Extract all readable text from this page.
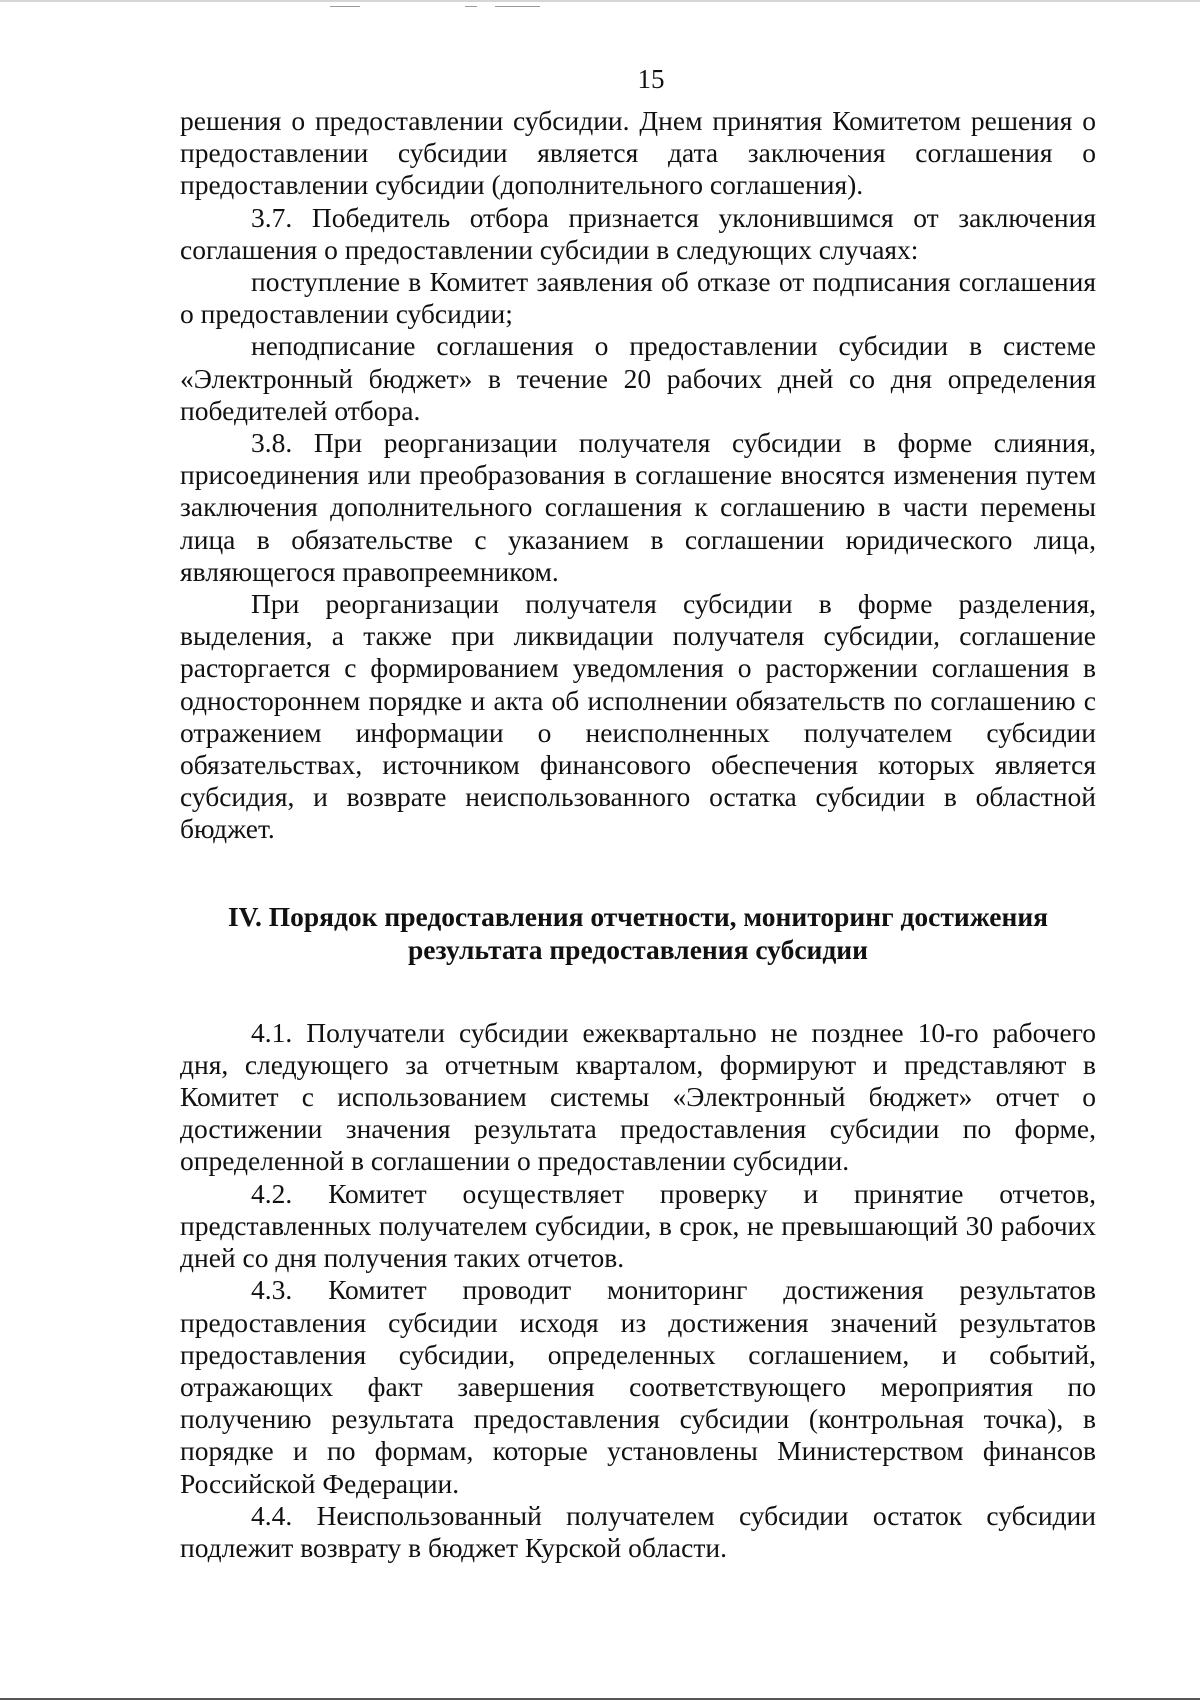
15

решения о предоставлении субсидии. Днем принятия Комитетом решения о предоставлении субсидии является дата заключения соглашения о предоставлении субсидии (дополнительного соглашения).

3.7. Победитель отбора признается уклонившимся от заключения соглашения о предоставлении субсидии в следующих случаях:

поступление в Комитет заявления об отказе от подписания соглашения о предоставлении субсидии;

неподписание соглашения о предоставлении субсидии в системе «Электронный бюджет» в течение 20 рабочих дней со дня определения победителей отбора.

3.8. При реорганизации получателя субсидии в форме слияния, присоединения или преобразования в соглашение вносятся изменения путем заключения дополнительного соглашения к соглашению в части перемены лица в обязательстве с указанием в соглашении юридического лица, являющегося правопреемником.

При реорганизации получателя субсидии в форме разделения, выделения, а также при ликвидации получателя субсидии, соглашение расторгается с формированием уведомления о расторжении соглашения в одностороннем порядке и акта об исполнении обязательств по соглашению с отражением информации о неисполненных получателем субсидии обязательствах, источником финансового обеспечения которых является субсидия, и возврате неиспользованного остатка субсидии в областной бюджет.

IV. Порядок предоставления отчетности, мониторинг достижения
результата предоставления субсидии

4.1. Получатели субсидии ежеквартально не позднее 10-го рабочего дня, следующего за отчетным кварталом, формируют и представляют в Комитет с использованием системы «Электронный бюджет» отчет о достижении значения результата предоставления субсидии по форме, определенной в соглашении о предоставлении субсидии.

4.2. Комитет осуществляет проверку и принятие отчетов, представленных получателем субсидии, в срок, не превышающий 30 рабочих дней со дня получения таких отчетов.

4.3. Комитет проводит мониторинг достижения результатов предоставления субсидии исходя из достижения значений результатов предоставления субсидии, определенных соглашением, и событий, отражающих факт завершения соответствующего мероприятия по получению результата предоставления субсидии (контрольная точка), в порядке и по формам, которые установлены Министерством финансов Российской Федерации.

4.4. Неиспользованный получателем субсидии остаток субсидии подлежит возврату в бюджет Курской области.
